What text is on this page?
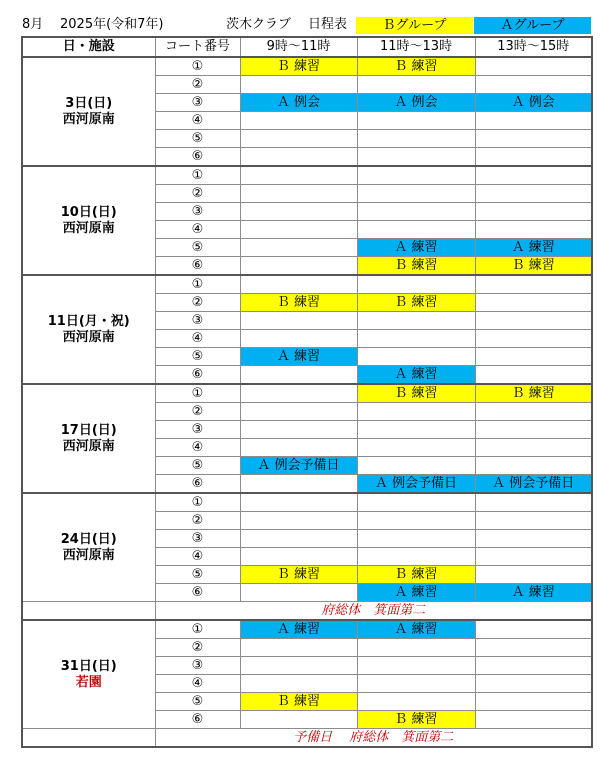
8月 2025年(令和7年)	茨木クラブ 日程表	Ｂグループ	Ａグループ
日・施設	コート番号	9時～11時	11時～13時	13時～15時

3日(日)
西河原南	①	Ｂ 練習	Ｂ 練習	
	②			
	③	Ａ 例会	Ａ 例会	Ａ 例会
	④			
	⑤			
	⑥			

10日(日)
西河原南	①			
	②			
	③			
	④			
	⑤		Ａ 練習	Ａ 練習
	⑥		Ｂ 練習	Ｂ 練習

11日(月・祝)
西河原南	①			
	②	Ｂ 練習	Ｂ 練習	
	③			
	④			
	⑤	Ａ 練習		
	⑥		Ａ 練習	

17日(日)
西河原南	①		Ｂ 練習	Ｂ 練習
	②			
	③			
	④			
	⑤	Ａ 例会予備日		
	⑥		Ａ 例会予備日	Ａ 例会予備日

24日(日)
西河原南	①			
	②			
	③			
	④			
	⑤	Ｂ 練習	Ｂ 練習	
	⑥		Ａ 練習	Ａ 練習
	府総体　箕面第二			

31日(日)
若園	①	Ａ 練習	Ａ 練習	
	②			
	③			
	④			
	⑤	Ｂ 練習		
	⑥		Ｂ 練習	
	予備日　 府総体　箕面第二			
